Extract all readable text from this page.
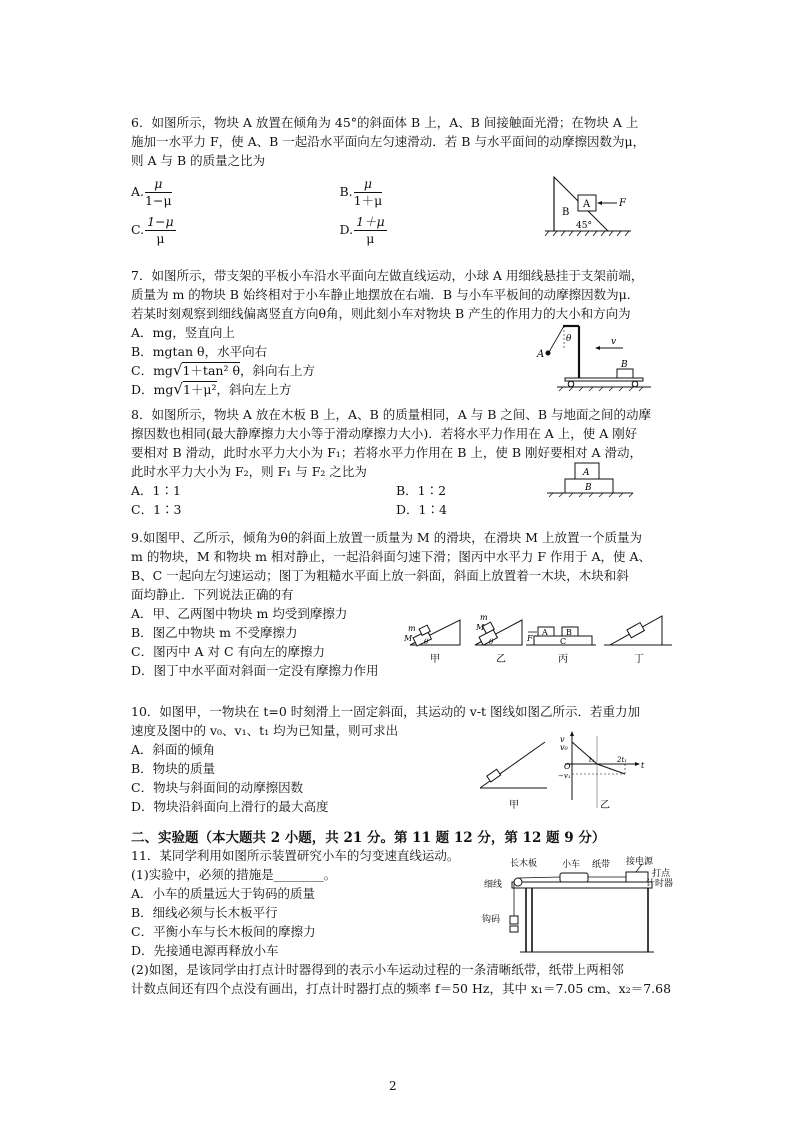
6．如图所示，物块 A 放置在倾角为 45°的斜面体 B 上，A、B 间接触面光滑；在物块 A 上
施加一水平力 F，使 A、B 一起沿水平面向左匀速滑动．若 B 与水平面间的动摩擦因数为μ，
则 A 与 B 的质量之比为
A. $\frac{\mu}{1-\mu}$	B. $\frac{\mu}{1+\mu}$
C. $\frac{1-\mu}{\mu}$	D. $\frac{1+\mu}{\mu}$
B
A	F
45°
7．如图所示，带支架的平板小车沿水平面向左做直线运动，小球 A 用细线悬挂于支架前端，
质量为 m 的物块 B 始终相对于小车静止地摆放在右端．B 与小车平板间的动摩擦因数为μ．
若某时刻观察到细线偏离竖直方向θ角，则此刻小车对物块 B 产生的作用力的大小和方向为
A．mg，竖直向上
B．mgtan θ，水平向右
C．mg√1＋tan² θ，斜向右上方
D．mg√1＋μ²，斜向左上方
A
θ	v
B
8．如图所示，物块 A 放在木板 B 上，A、B 的质量相同，A 与 B 之间、B 与地面之间的动摩
擦因数也相同(最大静摩擦力大小等于滑动摩擦力大小)．若将水平力作用在 A 上，使 A 刚好
要相对 B 滑动，此时水平力大小为 F₁；若将水平力作用在 B 上，使 B 刚好要相对 A 滑动，
此时水平力大小为 F₂，则 F₁ 与 F₂ 之比为
A．1∶1	B．1∶2
C．1∶3	D．1∶4
A
B
9.如图甲、乙所示，倾角为θ的斜面上放置一质量为 M 的滑块，在滑块 M 上放置一个质量为
m 的物块，M 和物块 m 相对静止，一起沿斜面匀速下滑；图丙中水平力 F 作用于 A，使 A、
B、C 一起向左匀速运动；图丁为粗糙水平面上放一斜面，斜面上放置着一木块，木块和斜
面均静止．下列说法正确的有
A．甲、乙两图中物块 m 均受到摩擦力
B．图乙中物块 m 不受摩擦力
C．图丙中 A 对 C 有向左的摩擦力
D．图丁中水平面对斜面一定没有摩擦力作用
m
M θ
甲
m
M
θ
乙
F
A B
C
丙	丁
10．如图甲，一物块在 t=0 时刻滑上一固定斜面，其运动的 v-t 图线如图乙所示．若重力加
速度及图中的 v₀、v₁、t₁ 均为已知量，则可求出
A．斜面的倾角
B．物块的质量
C．物块与斜面间的动摩擦因数
D．物块沿斜面向上滑行的最大高度	甲
v
v₀
O
−v₁
t₁	2t₁
t
乙
二、实验题（本大题共 2 小题，共 21 分。第 11 题 12 分，第 12 题 9 分）
11．某同学利用如图所示装置研究小车的匀变速直线运动。
(1)实验中，必须的措施是________。
A．小车的质量远大于钩码的质量
B．细线必须与长木板平行
C．平衡小车与长木板间的摩擦力
D．先接通电源再释放小车
(2)如图，是该同学由打点计时器得到的表示小车运动过程的一条清晰纸带，纸带上两相邻
计数点间还有四个点没有画出，打点计时器打点的频率 f＝50 Hz，其中 x₁＝7.05 cm、x₂＝7.68
长木板	小车 纸带 接电源
打点
计时器
细线
钩码
2
